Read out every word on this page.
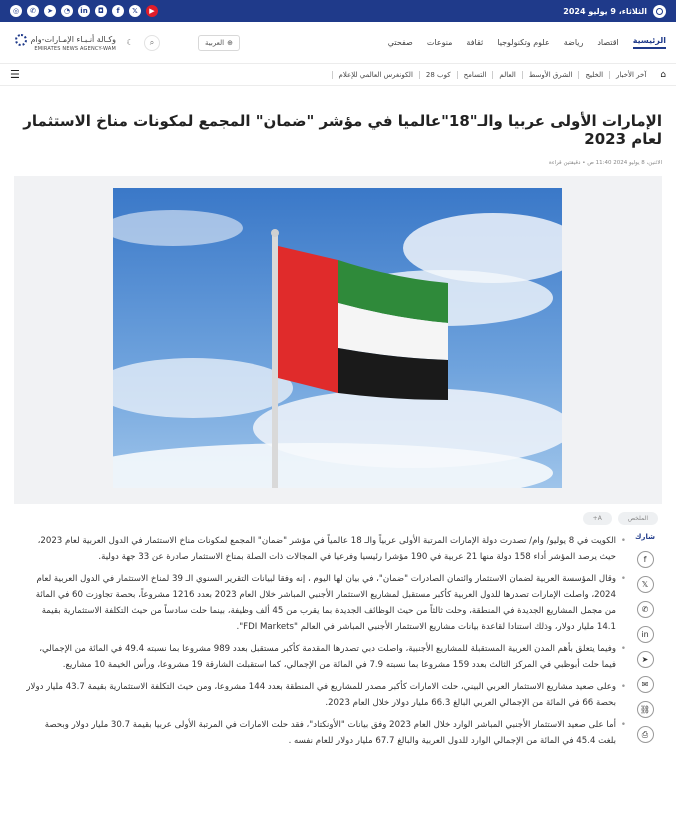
الثلاثاء، 9 يوليو 2024
◎	✆	➤	◔	in	◘	f	𝕏	▶
الرئيسية
اقتصاد
رياضة
علوم وتكنولوجيا
ثقافة
منوعات
صفحتي
⊕
العربية
⌕
☾
وكـالة أنـبـاء الإمـارات-وام
EMIRATES NEWS AGENCY-WAM
⌂
آخر الأخبار
الخليج
الشرق الأوسط
العالم
التسامح
كوب 28
الكونغرس العالمي للإعلام
☰
الإمارات الأولى عربيا والـ"18"عالميا في مؤشر "ضمان" المجمع لمكونات مناخ الاستثمار لعام 2023
الاثنين، 8 يوليو 2024 11:40 ص • دقيقتين قراءة
الملخص
A+
شارك
f
𝕏
✆
in
➤
✉
⛓
⎙
•
الكويت في 8 يوليو/ وام/ تصدرت دولة الإمارات المرتبة الأولى عربياً والـ 18 عالمياً في مؤشر "ضمان" المجمع لمكونات مناخ الاستثمار في الدول العربية لعام 2023، حيث يرصد المؤشر أداء 158 دولة منها 21 عربية في 190 مؤشرا رئيسيا وفرعيا في المجالات ذات الصلة بمناخ الاستثمار صادرة عن 33 جهة دولية.
•
وقال المؤسسة العربية لضمان الاستثمار وائتمان الصادرات "ضمان"، في بيان لها اليوم ، إنه وفقا لبيانات التقرير السنوي الـ 39 لمناخ الاستثمار في الدول العربية لعام 2024، واصلت الإمارات تصدرها للدول العربية كأكبر مستقبل لمشاريع الاستثمار الأجنبي المباشر خلال العام 2023 بعدد 1216 مشروعاً، بحصة تجاوزت 60 في المائة من مجمل المشاريع الجديدة في المنطقة، وحلت ثالثاً من حيث الوظائف الجديدة بما يقرب من 45 ألف وظيفة، بينما حلت سادساً من حيث التكلفة الاستثمارية بقيمة 14.1 مليار دولار، وذلك استنادا لقاعدة بيانات مشاريع الاستثمار الأجنبي المباشر في العالم "FDI Markets".
•
وفيما يتعلق بأهم المدن العربية المستقبلة للمشاريع الأجنبية، واصلت دبي تصدرها المقدمة كأكبر مستقبل بعدد 989 مشروعا بما نسبته 49.4 في المائة من الإجمالي، فيما حلت أبوظبي في المركز الثالث بعدد 159 مشروعا بما نسبته 7.9 في المائة من الإجمالي، كما استقبلت الشارقة 19 مشروعا، ورأس الخيمة 10 مشاريع.
•
وعلى صعيد مشاريع الاستثمار العربي البيني، حلت الامارات كأكبر مصدر للمشاريع في المنطقة بعدد 144 مشروعا، ومن حيث التكلفة الاستثمارية بقيمة 43.7 مليار دولار بحصة 66 في المائة من الإجمالي العربي البالغ 66.3 مليار دولار خلال العام 2023.
•
أما على صعيد الاستثمار الأجنبي المباشر الوارد خلال العام 2023 وفق بيانات "الأونكتاد"، فقد حلت الامارات في المرتبة الأولى عربيا بقيمة 30.7 مليار دولار وبحصة بلغت 45.4 في المائة من الإجمالي الوارد للدول العربية والبالغ 67.7 مليار دولار للعام نفسه .
